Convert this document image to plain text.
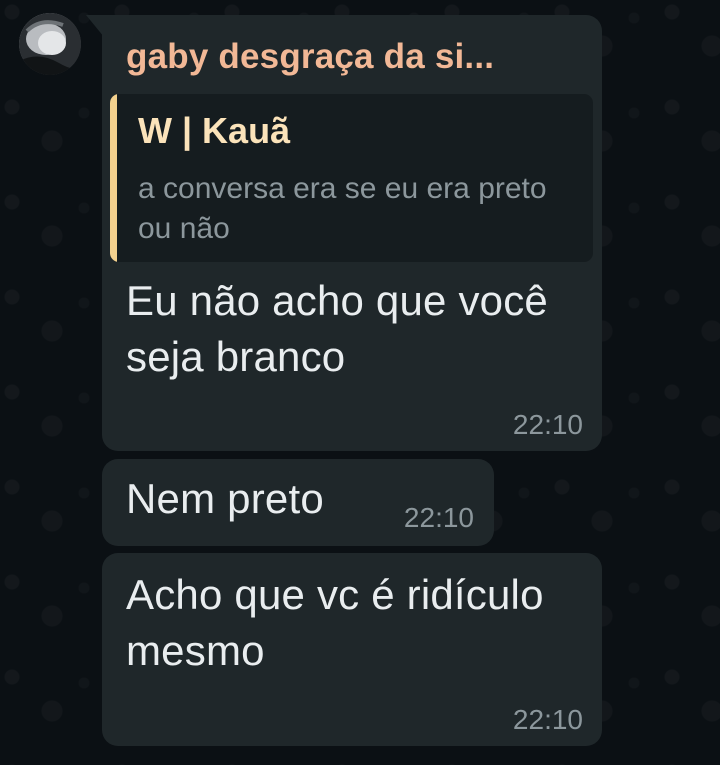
gaby desgraça da si...
W | Kauã
a conversa era se eu era preto ou não
Eu não acho que você seja branco
22:10
Nem preto	22:10
Acho que vc é ridículo mesmo
22:10
